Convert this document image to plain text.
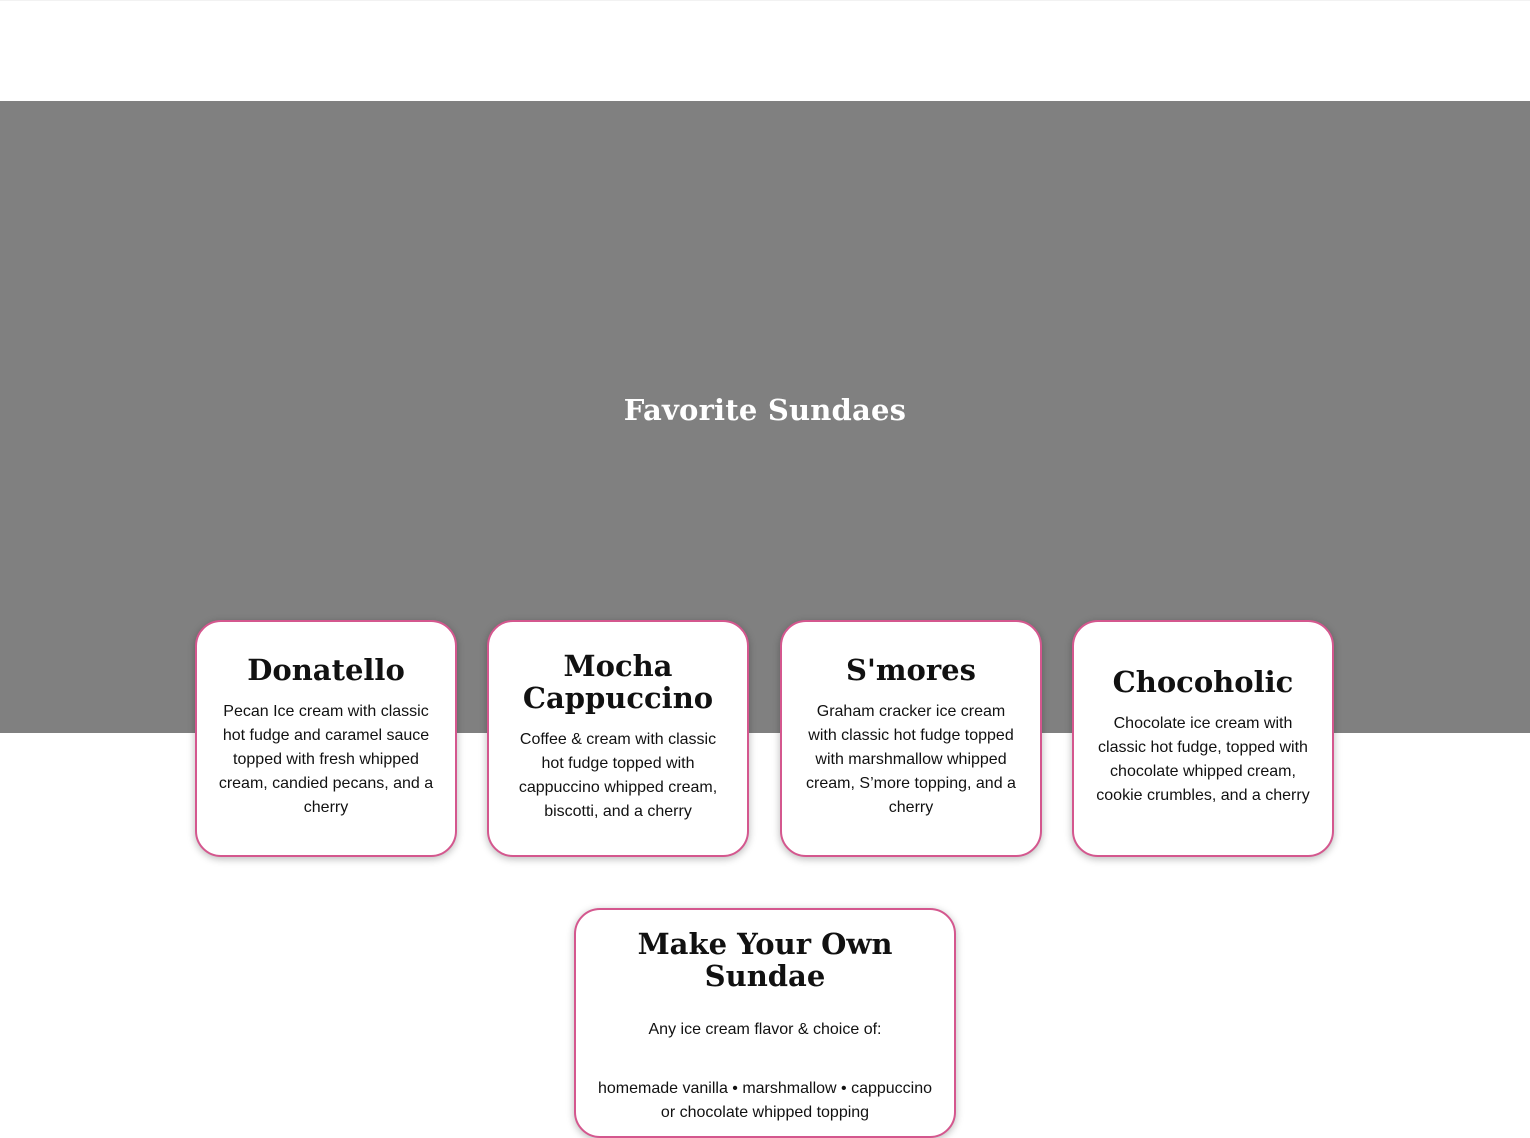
Favorite Sundaes
Donatello

Pecan Ice cream with classic hot fudge and caramel sauce topped with fresh whipped cream, candied pecans, and a cherry

Mocha Cappuccino

Coffee & cream with classic hot fudge topped with cappuccino whipped cream, biscotti, and a cherry

S'mores

Graham cracker ice cream with classic hot fudge topped with marshmallow whipped cream, S’more topping, and a cherry

Chocoholic

Chocolate ice cream with classic hot fudge, topped with chocolate whipped cream, cookie crumbles, and a cherry

Make Your Own Sundae

Any ice cream flavor & choice of:

homemade vanilla • marshmallow • cappuccino or chocolate whipped topping
